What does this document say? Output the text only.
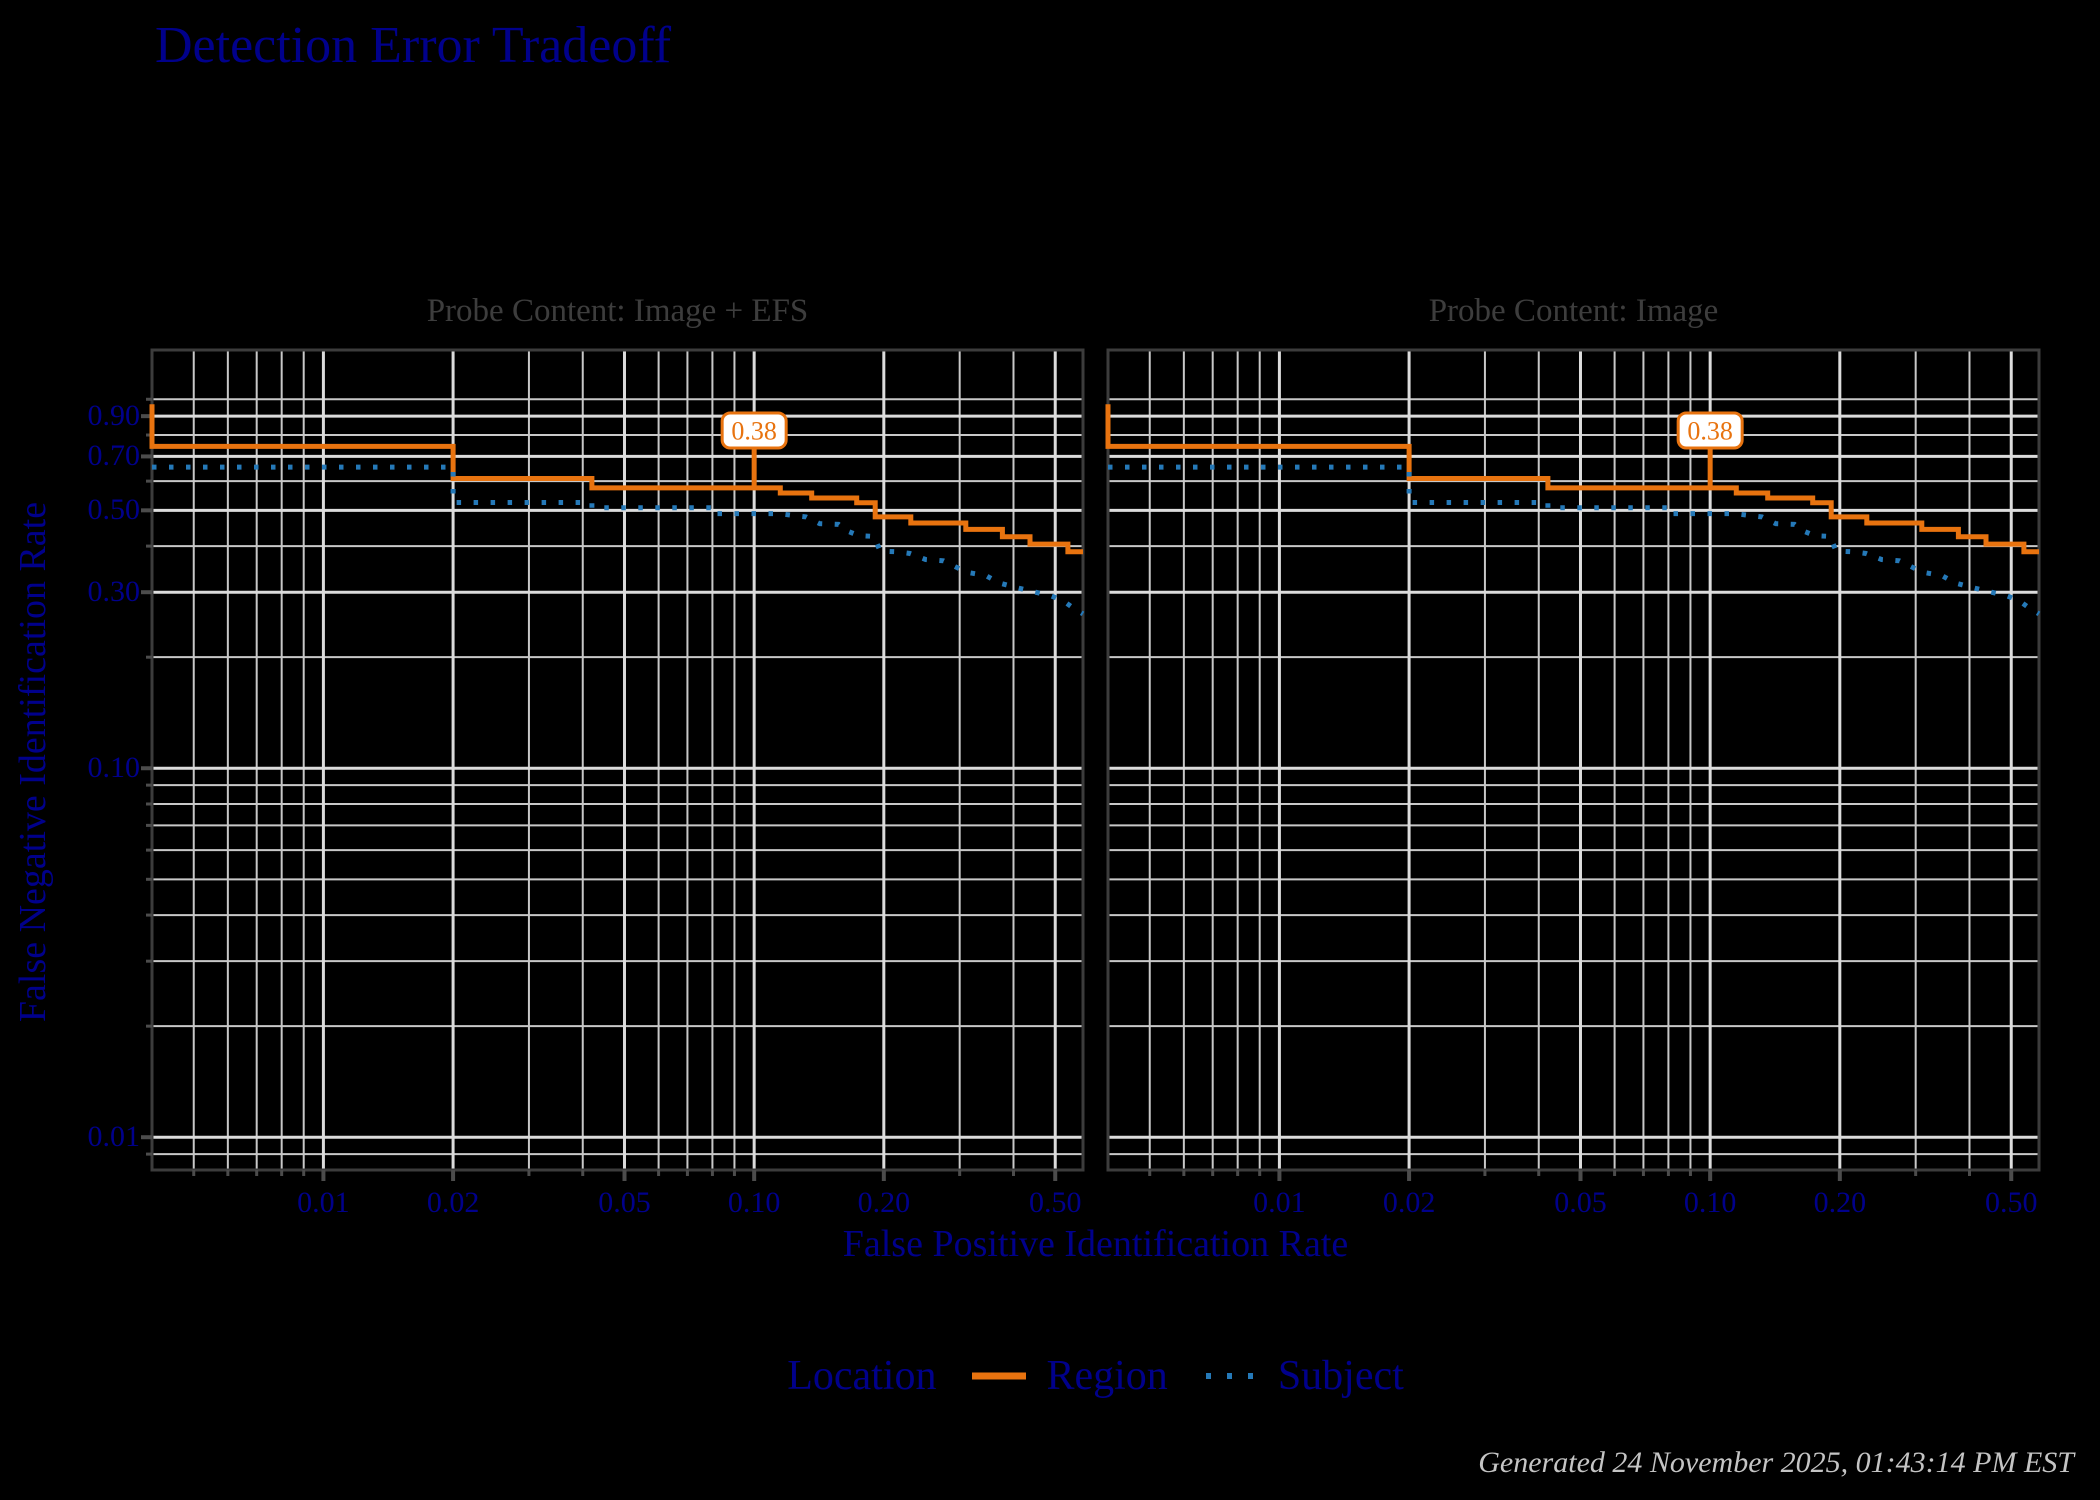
Detection Error Tradeoff
Probe Content: Image + EFS	Probe Content: Image
0.38	0.38
False Negative Identification Rate
False Positive Identification Rate
Location	Region	Subject
Generated 24 November 2025, 01:43:14 PM EST
0.01	0.02	0.05	0.10	0.20	0.50
0.90
0.70
0.50
0.30
0.10
0.01
0.01	0.02	0.05	0.10	0.20	0.50
